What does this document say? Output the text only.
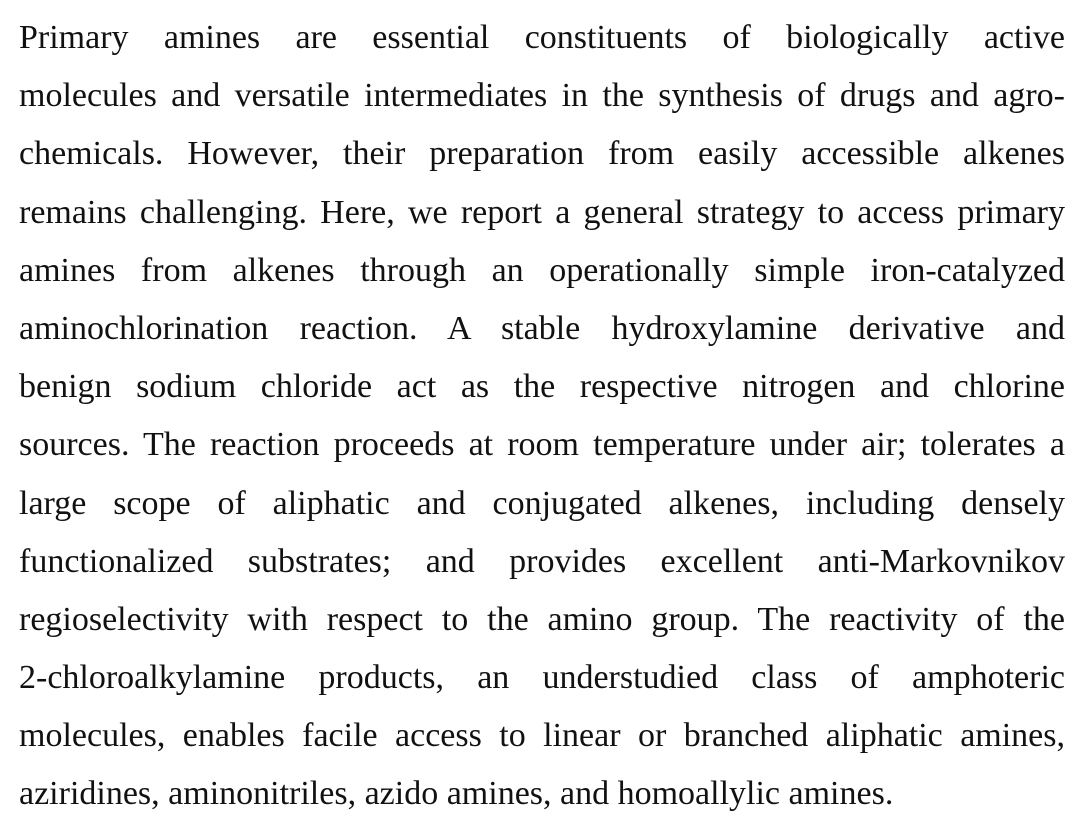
Primary amines are essential constituents of biologically active
molecules and versatile intermediates in the synthesis of drugs and agro-
chemicals. However, their preparation from easily accessible alkenes
remains challenging. Here, we report a general strategy to access primary
amines from alkenes through an operationally simple iron-catalyzed
aminochlorination reaction. A stable hydroxylamine derivative and
benign sodium chloride act as the respective nitrogen and chlorine
sources. The reaction proceeds at room temperature under air; tolerates a
large scope of aliphatic and conjugated alkenes, including densely
functionalized substrates; and provides excellent anti-Markovnikov
regioselectivity with respect to the amino group. The reactivity of the
2-chloroalkylamine products, an understudied class of amphoteric
molecules, enables facile access to linear or branched aliphatic amines,
aziridines, aminonitriles, azido amines, and homoallylic amines.
